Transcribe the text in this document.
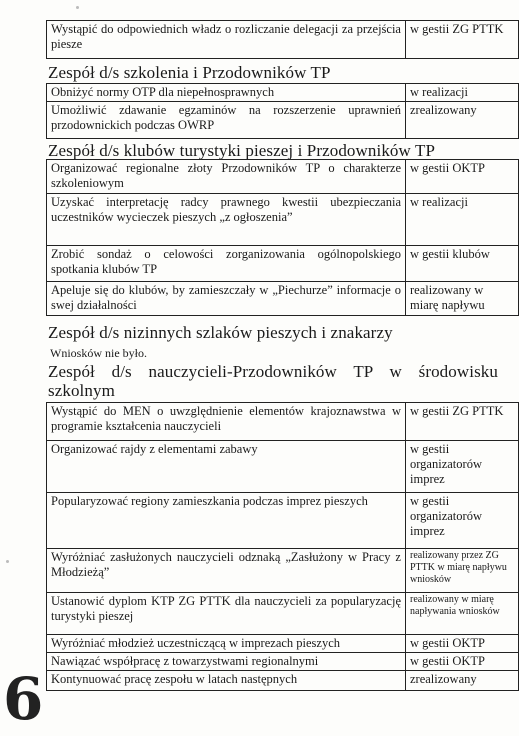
Wystąpić do odpowiednich władz o rozliczanie delegacji za przejścia piesze	w gestii ZG PTTK
Zespół d/s szkolenia i Przodowników TP
Obniżyć normy OTP dla niepełnosprawnych	w realizacji
Umożliwić zdawanie egzaminów na rozszerzenie uprawnień przodownickich podczas OWRP	zrealizowany
Zespół d/s klubów turystyki pieszej i Przodowników TP
Organizować regionalne złoty Przodowników TP o charakterze szkoleniowym	w gestii OKTP
Uzyskać interpretację radcy prawnego kwestii ubezpieczania uczestników wycieczek pieszych „z ogłoszenia”	w realizacji
Zrobić sondaż o celowości zorganizowania ogólnopolskiego spotkania klubów TP	w gestii klubów
Apeluje się do klubów, by zamieszczały w „Piechurze” informacje o swej działalności	realizowany w miarę napływu
Zespół d/s nizinnych szlaków pieszych i znakarzy
Wniosków nie było.
Zespół d/s nauczycieli-Przodowników TP w środowisku szkolnym
Wystąpić do MEN o uwzględnienie elementów krajoznawstwa w programie kształcenia nauczycieli	w gestii ZG PTTK
Organizować rajdy z elementami zabawy	w gestii organizatorów imprez
Popularyzować regiony zamieszkania podczas imprez pieszych	w gestii organizatorów imprez
Wyróżniać zasłużonych nauczycieli odznaką „Zasłużony w Pracy z Młodzieżą”	realizowany przez ZG PTTK w miarę napływu wniosków
Ustanowić dyplom KTP ZG PTTK dla nauczycieli za popularyzację turystyki pieszej	realizowany w miarę napływania wniosków
Wyróżniać młodzież uczestniczącą w imprezach pieszych	w gestii OKTP
Nawiązać współpracę z towarzystwami regionalnymi	w gestii OKTP
Kontynuować pracę zespołu w latach następnych	zrealizowany
6
